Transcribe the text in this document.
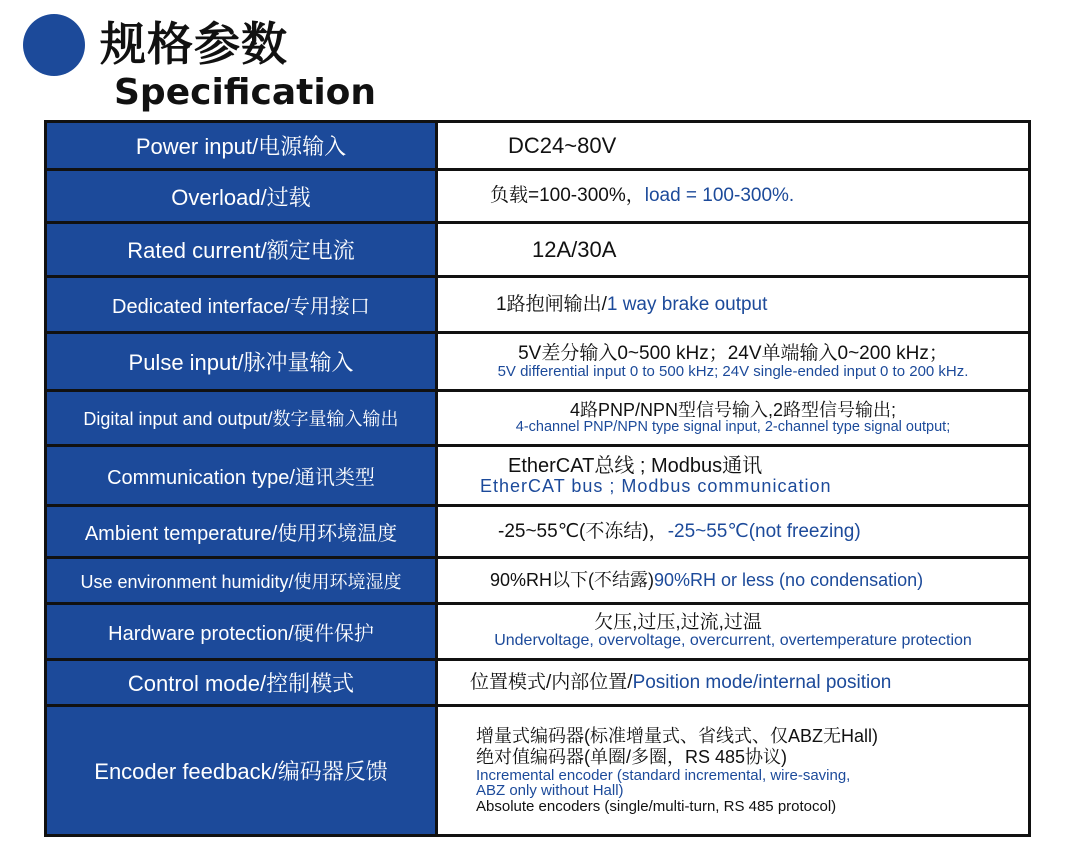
规格参数
Specification
Power input/电源输入	DC24~80V
Overload/过载	负载=100-300%，load = 100-300%.
Rated current/额定电流	12A/30A
Dedicated interface/专用接口	1路抱闸输出/1 way brake output
Pulse input/脉冲量输入	5V差分输入0~500 kHz；24V单端输入0~200 kHz；
5V differential input 0 to 500 kHz; 24V single-ended input 0 to 200 kHz.

Digital input and output/数字量输入输出	4路PNP/NPN型信号输入,2路型信号输出;
4-channel PNP/NPN type signal input, 2-channel type signal output;

Communication type/通讯类型	EtherCAT总线 ; Modbus通讯
EtherCAT bus ; Modbus communication

Ambient temperature/使用环境温度	-25~55℃(不冻结)，-25~55℃(not freezing)
Use environment humidity/使用环境湿度	90%RH以下(不结露)90%RH or less (no condensation)
Hardware protection/硬件保护	欠压,过压,过流,过温
Undervoltage, overvoltage, overcurrent, overtemperature protection

Control mode/控制模式	位置模式/内部位置/Position mode/internal position
Encoder feedback/编码器反馈	增量式编码器(标准增量式、省线式、仅ABZ无Hall)
绝对值编码器(单圈/多圈，RS 485协议)
Incremental encoder (standard incremental, wire-saving,
ABZ only without Hall)
Absolute encoders (single/multi-turn, RS 485 protocol)
